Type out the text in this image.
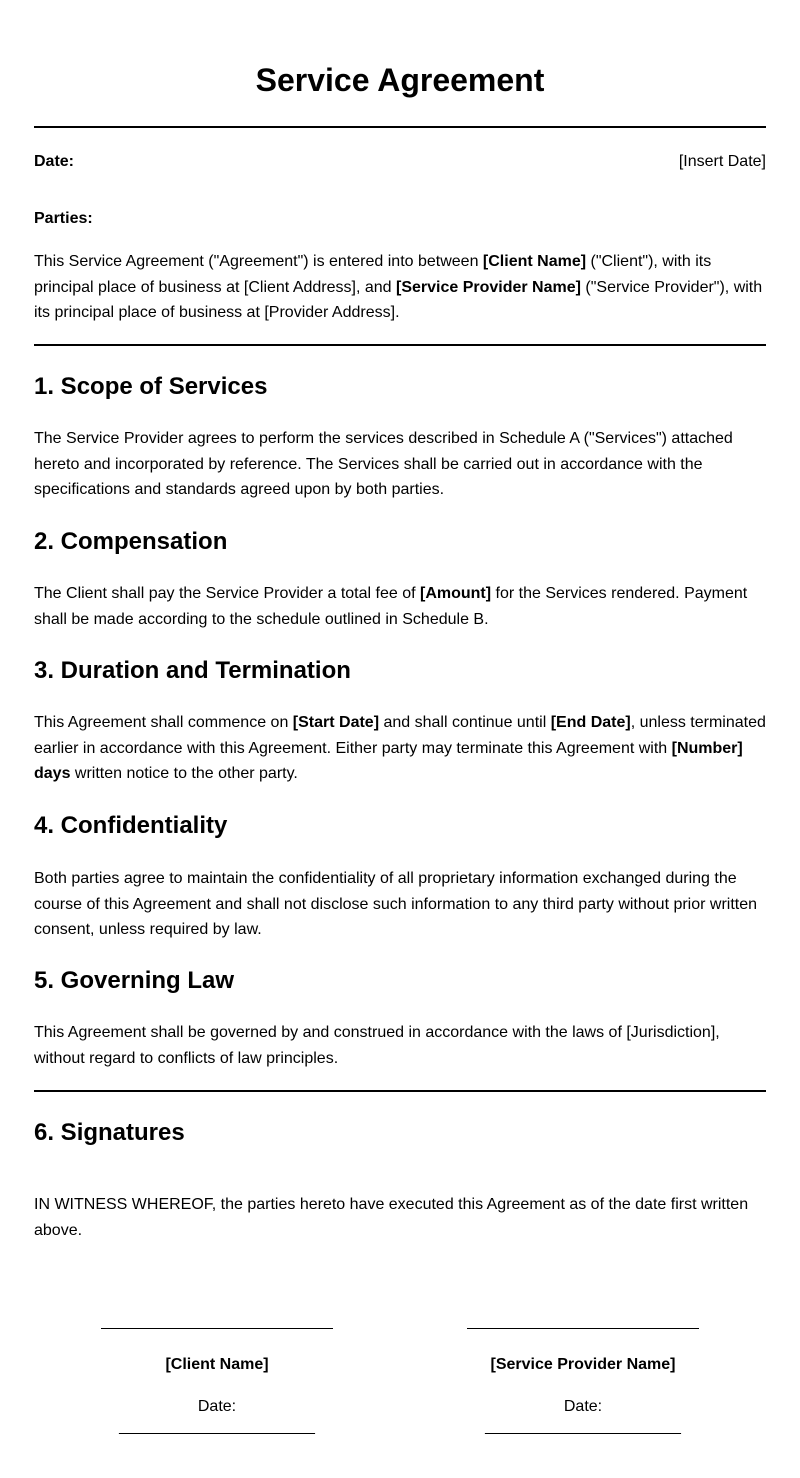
Service Agreement
Date:	[Insert Date]
Parties:

This Service Agreement ("Agreement") is entered into between [Client Name] ("Client"), with its principal place of business at [Client Address], and [Service Provider Name] ("Service Provider"), with its principal place of business at [Provider Address].

1. Scope of Services

The Service Provider agrees to perform the services described in Schedule A ("Services") attached hereto and incorporated by reference. The Services shall be carried out in accordance with the specifications and standards agreed upon by both parties.

2. Compensation

The Client shall pay the Service Provider a total fee of [Amount] for the Services rendered. Payment shall be made according to the schedule outlined in Schedule B.

3. Duration and Termination

This Agreement shall commence on [Start Date] and shall continue until [End Date], unless terminated earlier in accordance with this Agreement. Either party may terminate this Agreement with [Number] days written notice to the other party.

4. Confidentiality

Both parties agree to maintain the confidentiality of all proprietary information exchanged during the course of this Agreement and shall not disclose such information to any third party without prior written consent, unless required by law.

5. Governing Law

This Agreement shall be governed by and construed in accordance with the laws of [Jurisdiction], without regard to conflicts of law principles.

6. Signatures

IN WITNESS WHEREOF, the parties hereto have executed this Agreement as of the date first written above.

[Client Name]
Date: ______________________
[Service Provider Name]
Date: ______________________
